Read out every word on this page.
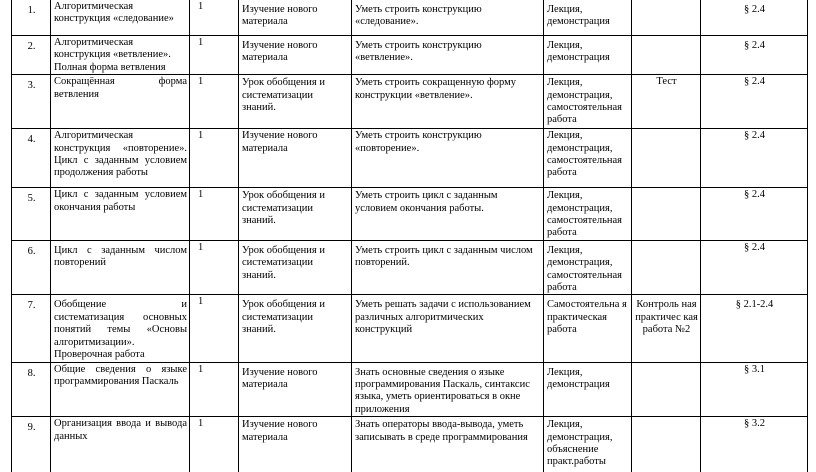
1.	Алгоритмическая конструкция «следование»	1	Изучение нового материала	Уметь строить конструкцию «следование».	Лекция, демонстрация		§ 2.4
2.	Алгоритмическая конструкция «ветвление». Полная форма ветвления	1	Изучение нового материала	Уметь строить конструкцию «ветвление».	Лекция, демонстрация		§ 2.4
3.	Сокращённая форма ветвления	1	Урок обобщения и систематизации знаний.	Уметь строить сокращенную форму конструкции «ветвление».	Лекция, демонстрация, самостоятельная работа	Тест	§ 2.4
4.	Алгоритмическая конструкция «повторение». Цикл с заданным условием продолжения работы	1	Изучение нового материала	Уметь строить конструкцию «повторение».	Лекция, демонстрация, самостоятельная работа		§ 2.4
5.	Цикл с заданным условием окончания работы	1	Урок обобщения и систематизации знаний.	Уметь строить цикл с заданным условием окончания работы.	Лекция, демонстрация, самостоятельная работа		§ 2.4
6.	Цикл с заданным числом повторений	1	Урок обобщения и систематизации знаний.	Уметь строить цикл с заданным числом повторений.	Лекция, демонстрация, самостоятельная работа		§ 2.4
7.	Обобщение и систематизация основных понятий темы «Основы алгоритмизации». Проверочная работа	1	Урок обобщения и систематизации знаний.	Уметь решать задачи с использованием различных алгоритмических конструкций	Самостоятельна я практическая работа	Контроль ная практичес кая работа №2	§ 2.1-2.4
8.	Общие сведения о языке программирования Паскаль	1	Изучение нового материала	Знать основные сведения о языке программирования Паскаль, синтаксис языка, уметь ориентироваться в окне приложения	Лекция, демонстрация		§ 3.1
9.	Организация ввода и вывода данных	1	Изучение нового материала	Знать операторы ввода-вывода, уметь записывать в среде программирования	Лекция, демонстрация, объяснение практ.работы		§ 3.2
